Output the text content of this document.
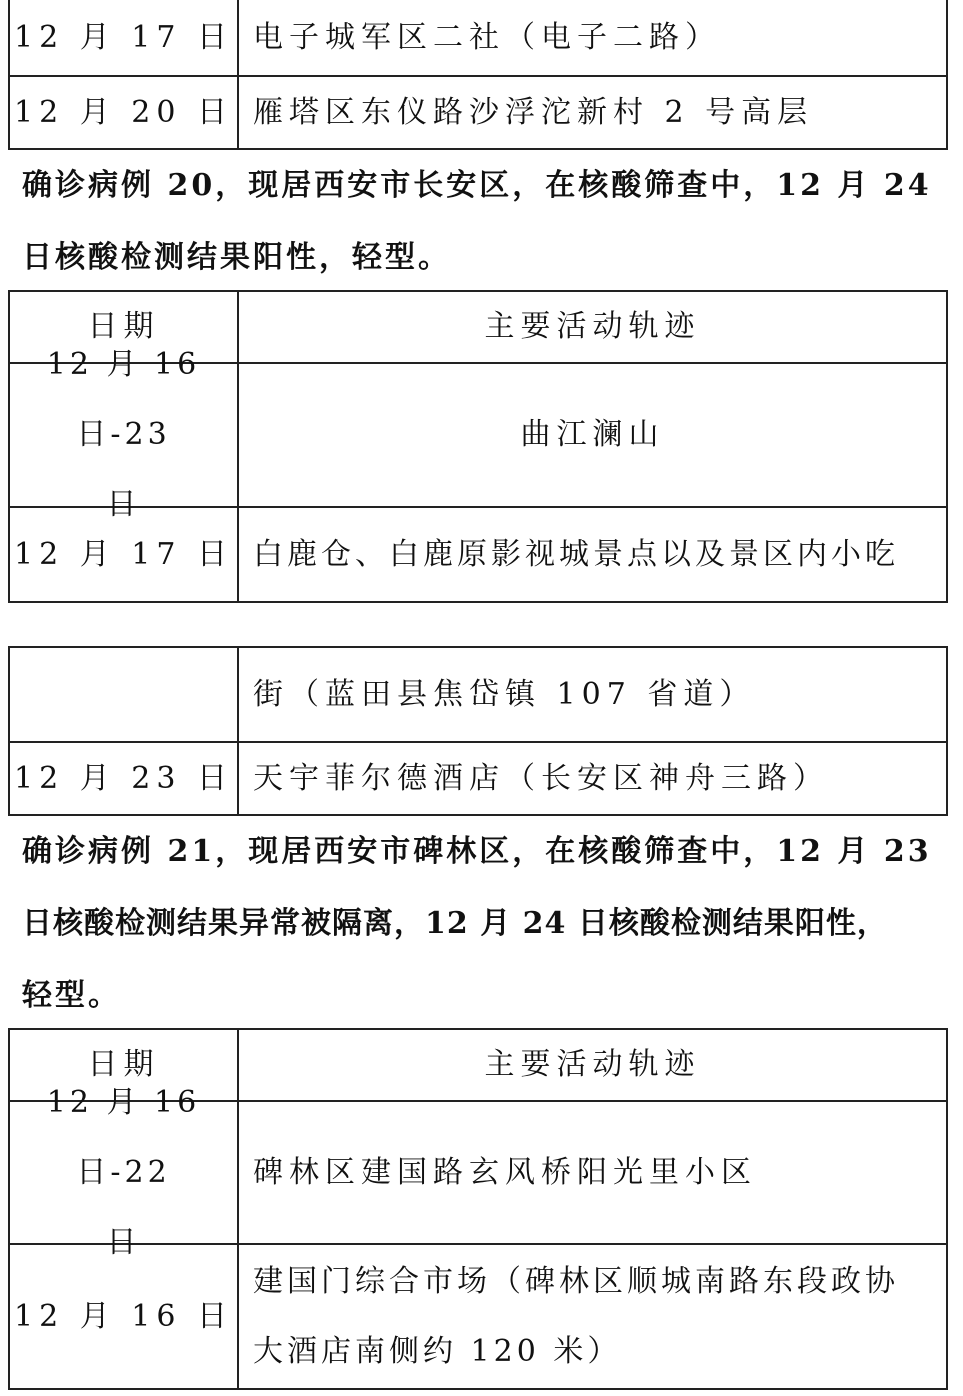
12 月 17 日 电子城军区二社（电子二路）
12 月 20 日 雁塔区东仪路沙浮沱新村 2 号高层
确诊病例 20，现居西安市长安区，在核酸筛查中，12 月 24
日核酸检测结果阳性，轻型。
日期	主要活动轨迹
12 月 16 日-23
日
曲江澜山
12 月 17 日 白鹿仓、白鹿原影视城景点以及景区内小吃
街（蓝田县焦岱镇 107 省道）
12 月 23 日 天宇菲尔德酒店（长安区神舟三路）
确诊病例 21，现居西安市碑林区，在核酸筛查中，12 月 23
日核酸检测结果异常被隔离，12 月 24 日核酸检测结果阳性，
轻型。
日期	主要活动轨迹
12 月 16 日-22
日
碑林区建国路玄风桥阳光里小区
12 月 16 日
建国门综合市场（碑林区顺城南路东段政协
大酒店南侧约 120 米）
